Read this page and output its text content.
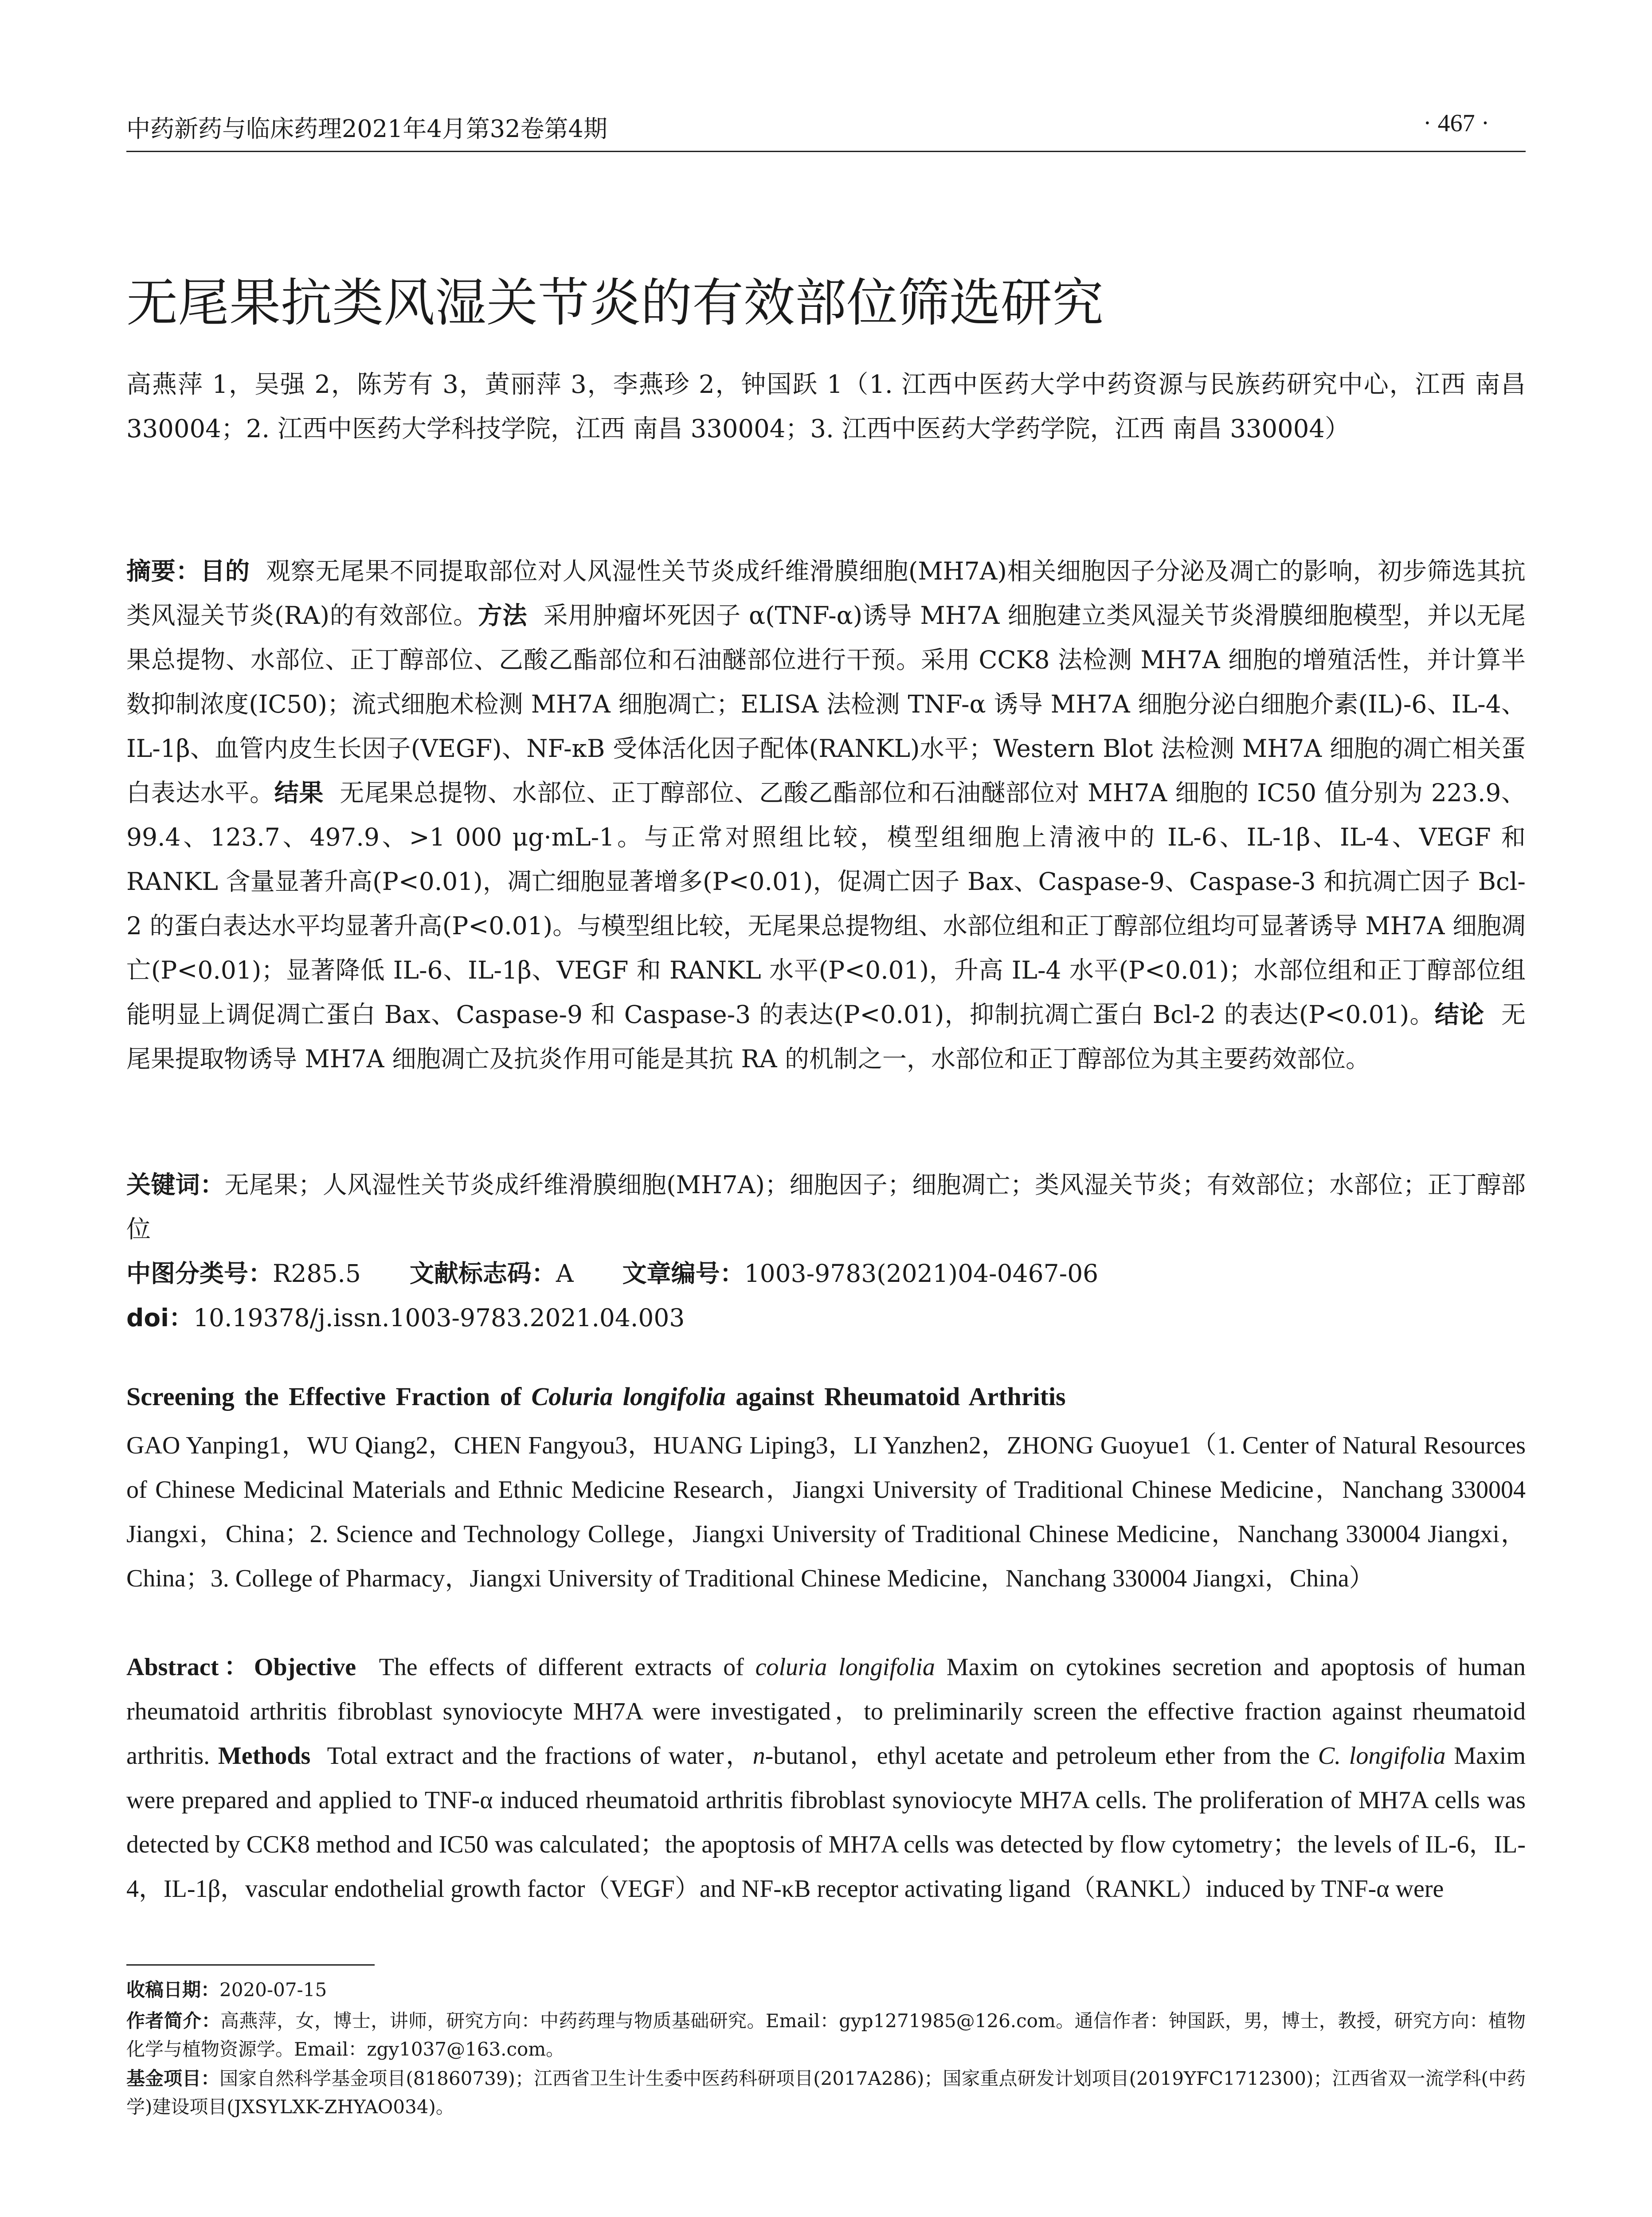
中药新药与临床药理2021年4月第32卷第4期	· 467 ·
无尾果抗类风湿关节炎的有效部位筛选研究
高燕萍 1，吴强 2，陈芳有 3，黄丽萍 3，李燕珍 2，钟国跃 1（1. 江西中医药大学中药资源与民族药研究中心，江西 南昌 330004；2. 江西中医药大学科技学院，江西 南昌 330004；3. 江西中医药大学药学院，江西 南昌 330004）
摘要：目的 观察无尾果不同提取部位对人风湿性关节炎成纤维滑膜细胞(MH7A)相关细胞因子分泌及凋亡的影响，初步筛选其抗类风湿关节炎(RA)的有效部位。方法 采用肿瘤坏死因子 α(TNF-α)诱导 MH7A 细胞建立类风湿关节炎滑膜细胞模型，并以无尾果总提物、水部位、正丁醇部位、乙酸乙酯部位和石油醚部位进行干预。采用 CCK8 法检测 MH7A 细胞的增殖活性，并计算半数抑制浓度(IC50)；流式细胞术检测 MH7A 细胞凋亡；ELISA 法检测 TNF-α 诱导 MH7A 细胞分泌白细胞介素(IL)-6、IL-4、IL-1β、血管内皮生长因子(VEGF)、NF-κB 受体活化因子配体(RANKL)水平；Western Blot 法检测 MH7A 细胞的凋亡相关蛋白表达水平。结果 无尾果总提物、水部位、正丁醇部位、乙酸乙酯部位和石油醚部位对 MH7A 细胞的 IC50 值分别为 223.9、99.4、123.7、497.9、>1 000 μg·mL-1。与正常对照组比较，模型组细胞上清液中的 IL-6、IL-1β、IL-4、VEGF 和 RANKL 含量显著升高(P<0.01)，凋亡细胞显著增多(P<0.01)，促凋亡因子 Bax、Caspase-9、Caspase-3 和抗凋亡因子 Bcl-2 的蛋白表达水平均显著升高(P<0.01)。与模型组比较，无尾果总提物组、水部位组和正丁醇部位组均可显著诱导 MH7A 细胞凋亡(P<0.01)；显著降低 IL-6、IL-1β、VEGF 和 RANKL 水平(P<0.01)，升高 IL-4 水平(P<0.01)；水部位组和正丁醇部位组能明显上调促凋亡蛋白 Bax、Caspase-9 和 Caspase-3 的表达(P<0.01)，抑制抗凋亡蛋白 Bcl-2 的表达(P<0.01)。结论 无尾果提取物诱导 MH7A 细胞凋亡及抗炎作用可能是其抗 RA 的机制之一，水部位和正丁醇部位为其主要药效部位。
关键词：无尾果；人风湿性关节炎成纤维滑膜细胞(MH7A)；细胞因子；细胞凋亡；类风湿关节炎；有效部位；水部位；正丁醇部位
中图分类号：R285.5 文献标志码：A 文章编号：1003-9783(2021)04-0467-06
doi：10.19378/j.issn.1003-9783.2021.04.003
Screening the Effective Fraction of Coluria longifolia against Rheumatoid Arthritis
GAO Yanping1，WU Qiang2，CHEN Fangyou3，HUANG Liping3，LI Yanzhen2，ZHONG Guoyue1（1. Center of Natural Resources of Chinese Medicinal Materials and Ethnic Medicine Research，Jiangxi University of Traditional Chinese Medicine，Nanchang 330004 Jiangxi，China；2. Science and Technology College，Jiangxi University of Traditional Chinese Medicine，Nanchang 330004 Jiangxi，China；3. College of Pharmacy，Jiangxi University of Traditional Chinese Medicine，Nanchang 330004 Jiangxi，China）
Abstract：Objective The effects of different extracts of coluria longifolia Maxim on cytokines secretion and apoptosis of human rheumatoid arthritis fibroblast synoviocyte MH7A were investigated，to preliminarily screen the effective fraction against rheumatoid arthritis. Methods Total extract and the fractions of water，n-butanol，ethyl acetate and petroleum ether from the C. longifolia Maxim were prepared and applied to TNF-α induced rheumatoid arthritis fibroblast synoviocyte MH7A cells. The proliferation of MH7A cells was detected by CCK8 method and IC50 was calculated；the apoptosis of MH7A cells was detected by flow cytometry；the levels of IL-6，IL-4，IL-1β，vascular endothelial growth factor（VEGF）and NF-κB receptor activating ligand（RANKL）induced by TNF-α were
收稿日期：2020-07-15
作者简介：高燕萍，女，博士，讲师，研究方向：中药药理与物质基础研究。Email：gyp1271985@126.com。通信作者：钟国跃，男，博士，教授，研究方向：植物化学与植物资源学。Email：zgy1037@163.com。
基金项目：国家自然科学基金项目(81860739)；江西省卫生计生委中医药科研项目(2017A286)；国家重点研发计划项目(2019YFC1712300)；江西省双一流学科(中药学)建设项目(JXSYLXK-ZHYAO034)。
